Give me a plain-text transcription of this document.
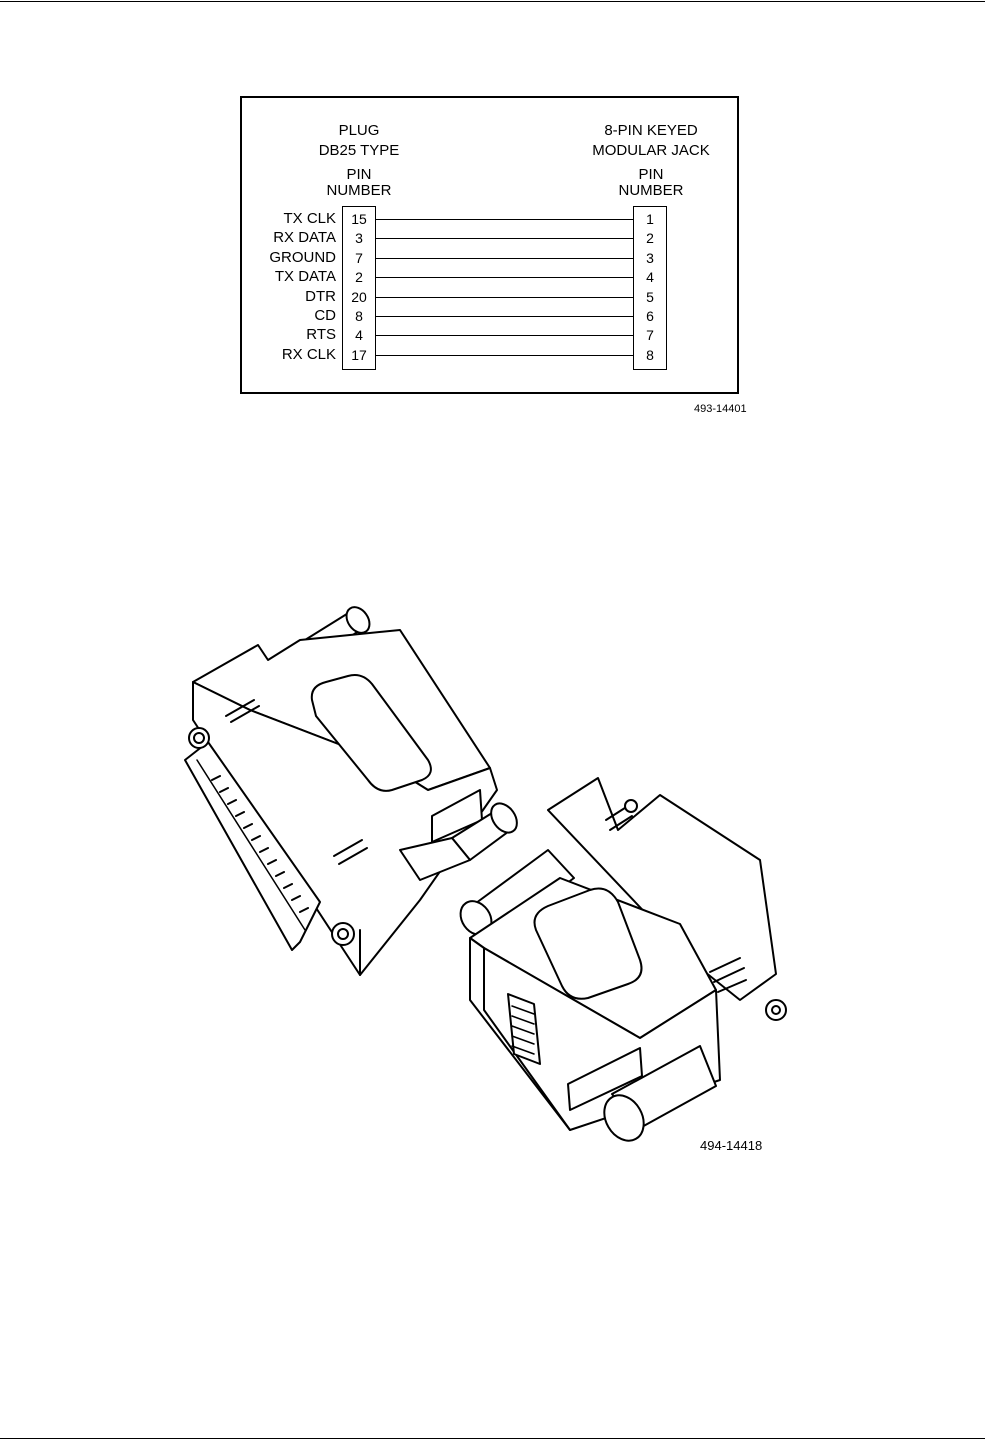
PLUG
DB25 TYPE
8-PIN KEYED
MODULAR JACK
PIN
NUMBER
PIN
NUMBER
TX CLK	15	1
RX DATA	3	2
GROUND	7	3
TX DATA	2	4
DTR	20	5
CD	8	6
RTS	4	7
RX CLK	17	8
493-14401
494-14418
